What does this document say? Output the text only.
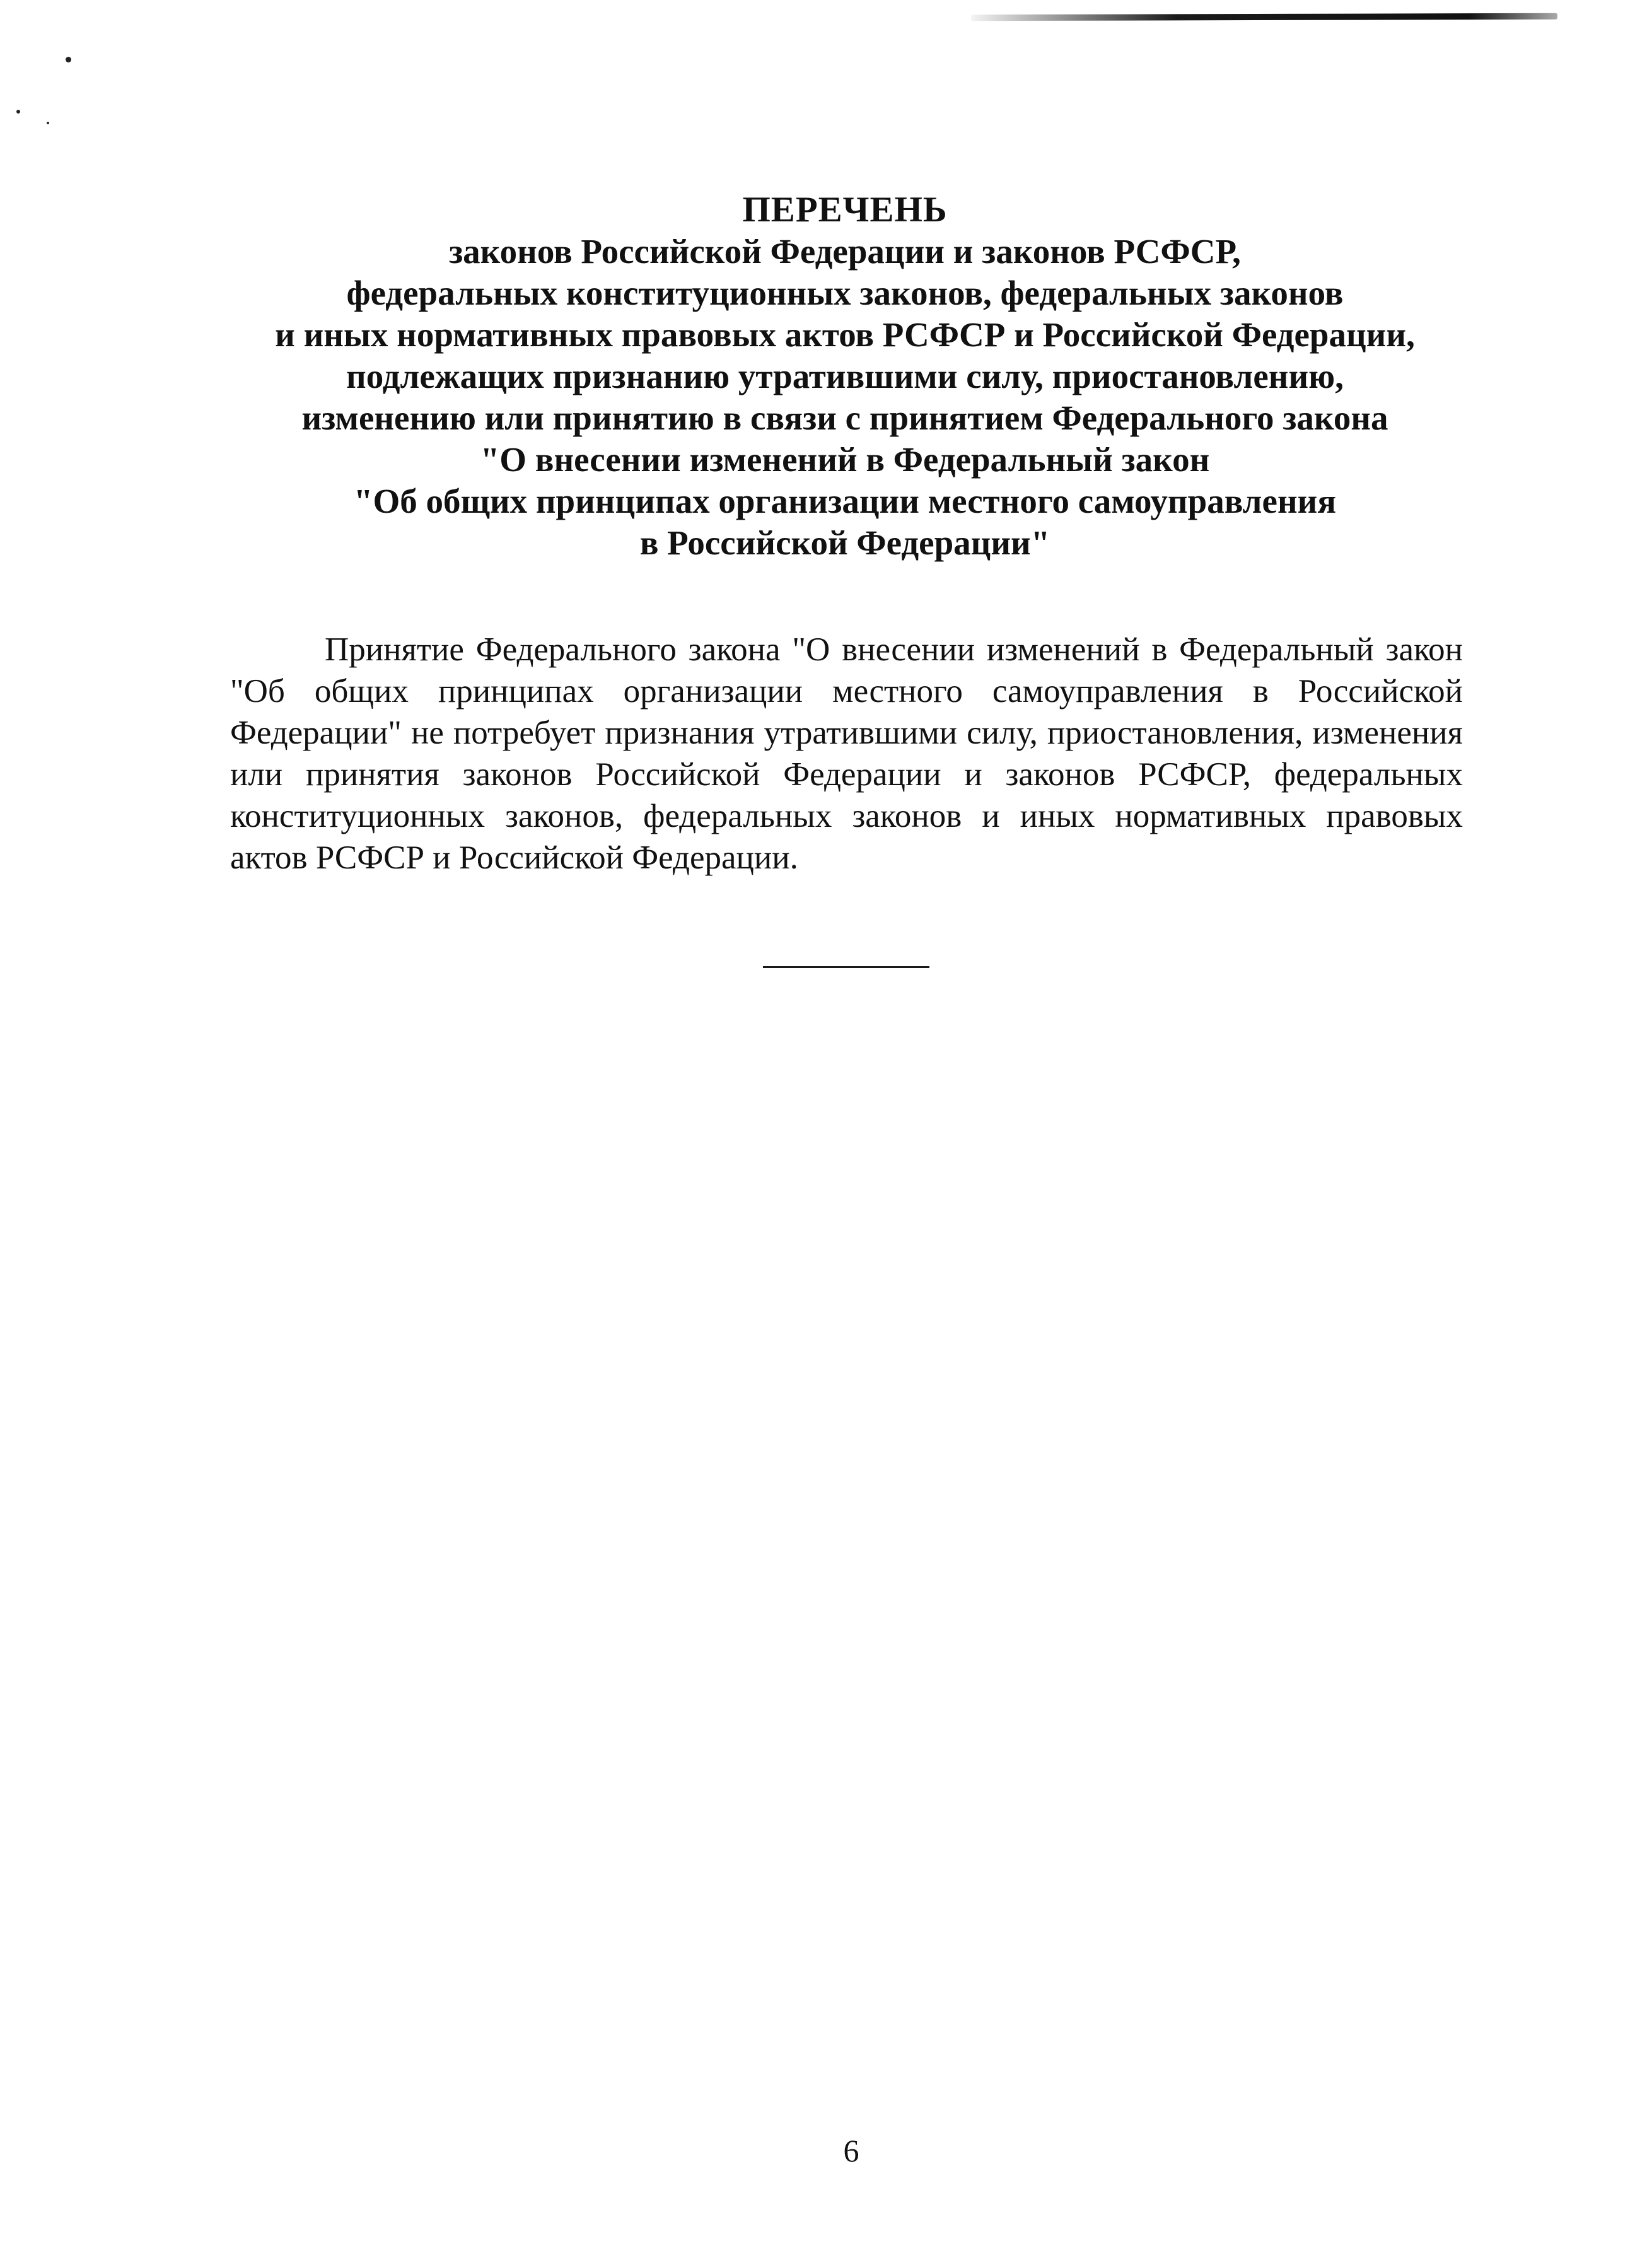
ПЕРЕЧЕНЬ
законов Российской Федерации и законов РСФСР,
федеральных конституционных законов, федеральных законов
и иных нормативных правовых актов РСФСР и Российской Федерации,
подлежащих признанию утратившими силу, приостановлению,
изменению или принятию в связи с принятием Федерального закона
"О внесении изменений в Федеральный закон
"Об общих принципах организации местного самоуправления
в Российской Федерации"

Принятие Федерального закона "О внесении изменений в Федеральный закон "Об общих принципах организации местного самоуправления в Российской Федерации" не потребует признания утратившими силу, приостановления, изменения или принятия законов Российской Федерации и законов РСФСР, федеральных конституционных законов, федеральных законов и иных нормативных правовых актов РСФСР и Российской Федерации.

6
